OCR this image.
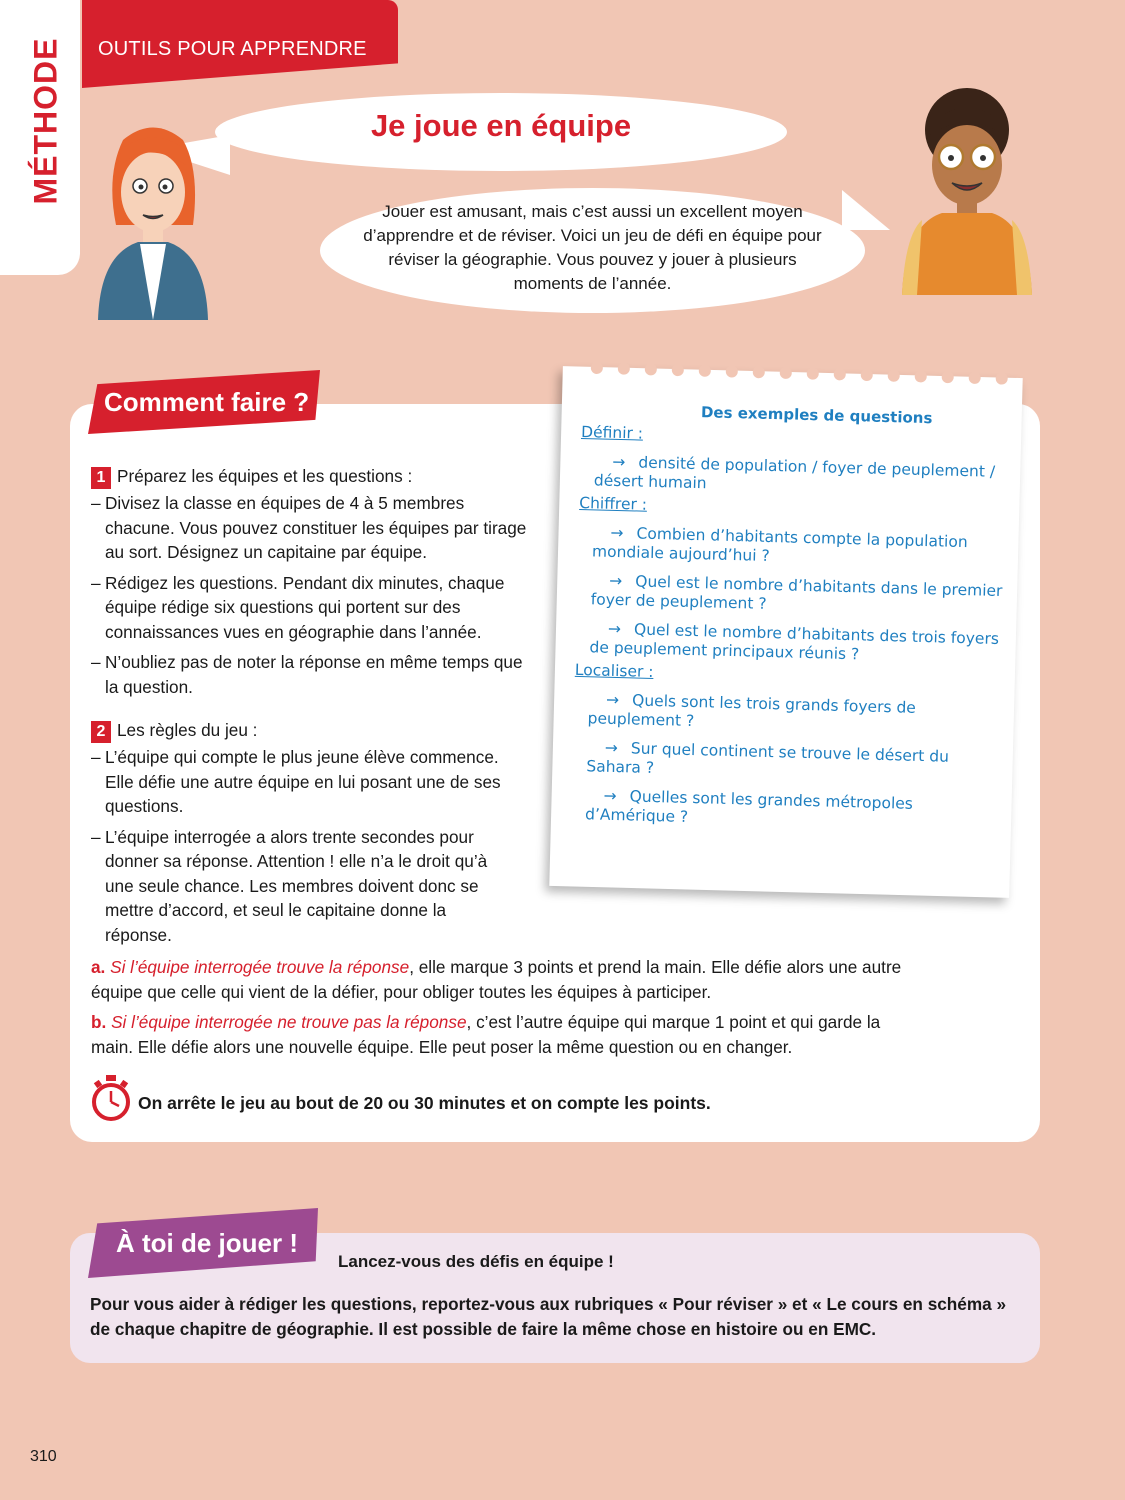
MÉTHODE OUTILS POUR APPRENDRE
Je joue en équipe
Jouer est amusant, mais c’est aussi un excellent moyen d’apprendre et de réviser. Voici un jeu de défi en équipe pour réviser la géographie. Vous pouvez y jouer à plusieurs moments de l’année.
Comment faire ?
1 Préparez les équipes et les questions :
– Divisez la classe en équipes de 4 à 5 membres chacune. Vous pouvez constituer les équipes par tirage au sort. Désignez un capitaine par équipe.
– Rédigez les questions. Pendant dix minutes, chaque équipe rédige six questions qui portent sur des connaissances vues en géographie dans l’année.
– N’oubliez pas de noter la réponse en même temps que la question.
2 Les règles du jeu :
– L’équipe qui compte le plus jeune élève commence. Elle défie une autre équipe en lui posant une de ses questions.
– L’équipe interrogée a alors trente secondes pour donner sa réponse. Attention ! elle n’a le droit qu’à une seule chance. Les membres doivent donc se mettre d’accord, et seul le capitaine donne la réponse.
a. Si l’équipe interrogée trouve la réponse, elle marque 3 points et prend la main. Elle défie alors une autre équipe que celle qui vient de la défier, pour obliger toutes les équipes à participer.
b. Si l’équipe interrogée ne trouve pas la réponse, c’est l’autre équipe qui marque 1 point et qui garde la main. Elle défie alors une nouvelle équipe. Elle peut poser la même question ou en changer.
On arrête le jeu au bout de 20 ou 30 minutes et on compte les points.
Des exemples de questions
Définir :
→ densité de population / foyer de peuplement / désert humain
Chiffrer :
→ Combien d’habitants compte la population mondiale aujourd’hui ?
→ Quel est le nombre d’habitants dans le premier foyer de peuplement ?
→ Quel est le nombre d’habitants des trois foyers de peuplement principaux réunis ?
Localiser :
→ Quels sont les trois grands foyers de peuplement ?
→ Sur quel continent se trouve le désert du Sahara ?
→ Quelles sont les grandes métropoles d’Amérique ?
À toi de jouer !
Lancez-vous des défis en équipe !
Pour vous aider à rédiger les questions, reportez-vous aux rubriques « Pour réviser » et « Le cours en schéma » de chaque chapitre de géographie. Il est possible de faire la même chose en histoire ou en EMC.
310
